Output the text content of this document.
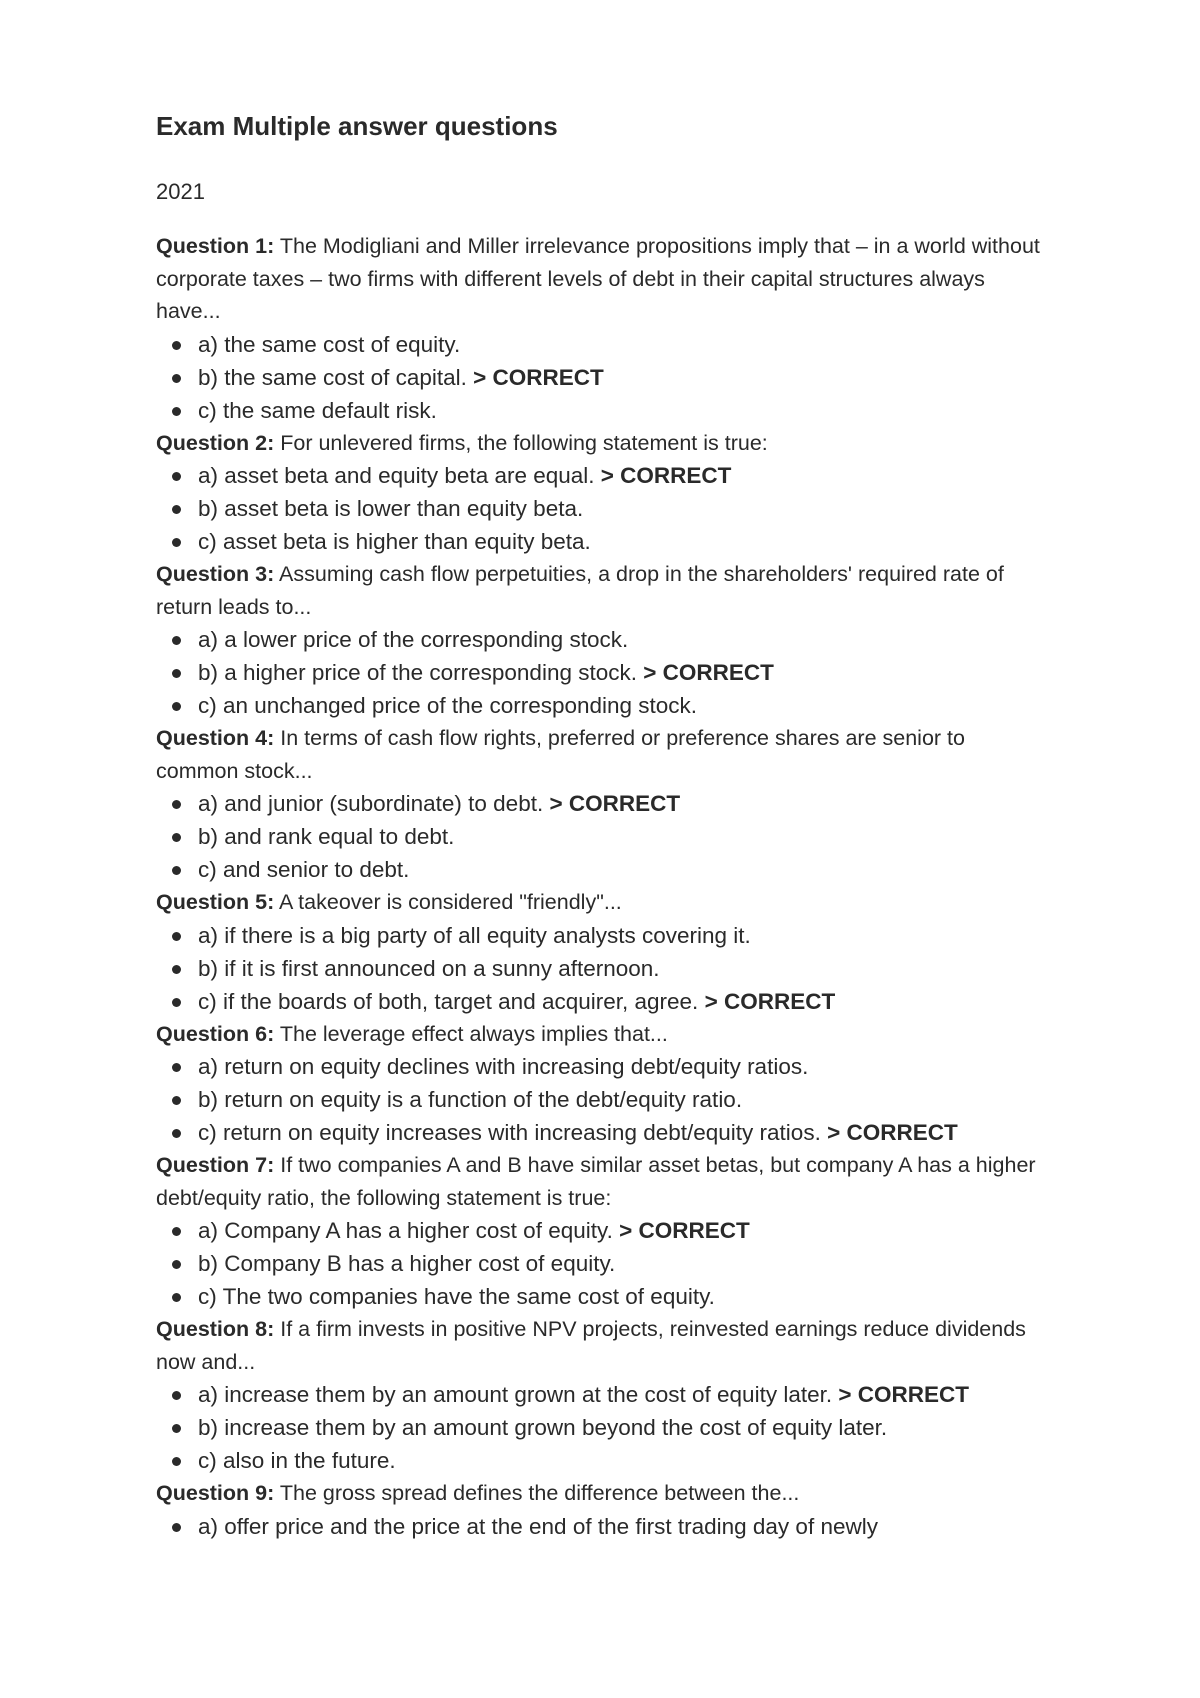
Exam Multiple answer questions

2021

Question 1: The Modigliani and Miller irrelevance propositions imply that – in a world without corporate taxes – two firms with different levels of debt in their capital structures always have...

a) the same cost of equity.
b) the same cost of capital. > CORRECT
c) the same default risk.

Question 2: For unlevered firms, the following statement is true:

a) asset beta and equity beta are equal. > CORRECT
b) asset beta is lower than equity beta.
c) asset beta is higher than equity beta.

Question 3: Assuming cash flow perpetuities, a drop in the shareholders' required rate of return leads to...

a) a lower price of the corresponding stock.
b) a higher price of the corresponding stock. > CORRECT
c) an unchanged price of the corresponding stock.

Question 4: In terms of cash flow rights, preferred or preference shares are senior to common stock...

a) and junior (subordinate) to debt. > CORRECT
b) and rank equal to debt.
c) and senior to debt.

Question 5: A takeover is considered "friendly"...

a) if there is a big party of all equity analysts covering it.
b) if it is first announced on a sunny afternoon.
c) if the boards of both, target and acquirer, agree. > CORRECT

Question 6: The leverage effect always implies that...

a) return on equity declines with increasing debt/equity ratios.
b) return on equity is a function of the debt/equity ratio.
c) return on equity increases with increasing debt/equity ratios. > CORRECT

Question 7: If two companies A and B have similar asset betas, but company A has a higher debt/equity ratio, the following statement is true:

a) Company A has a higher cost of equity. > CORRECT
b) Company B has a higher cost of equity.
c) The two companies have the same cost of equity.

Question 8: If a firm invests in positive NPV projects, reinvested earnings reduce dividends now and...

a) increase them by an amount grown at the cost of equity later. > CORRECT
b) increase them by an amount grown beyond the cost of equity later.
c) also in the future.

Question 9: The gross spread defines the difference between the...

a) offer price and the price at the end of the first trading day of newly
